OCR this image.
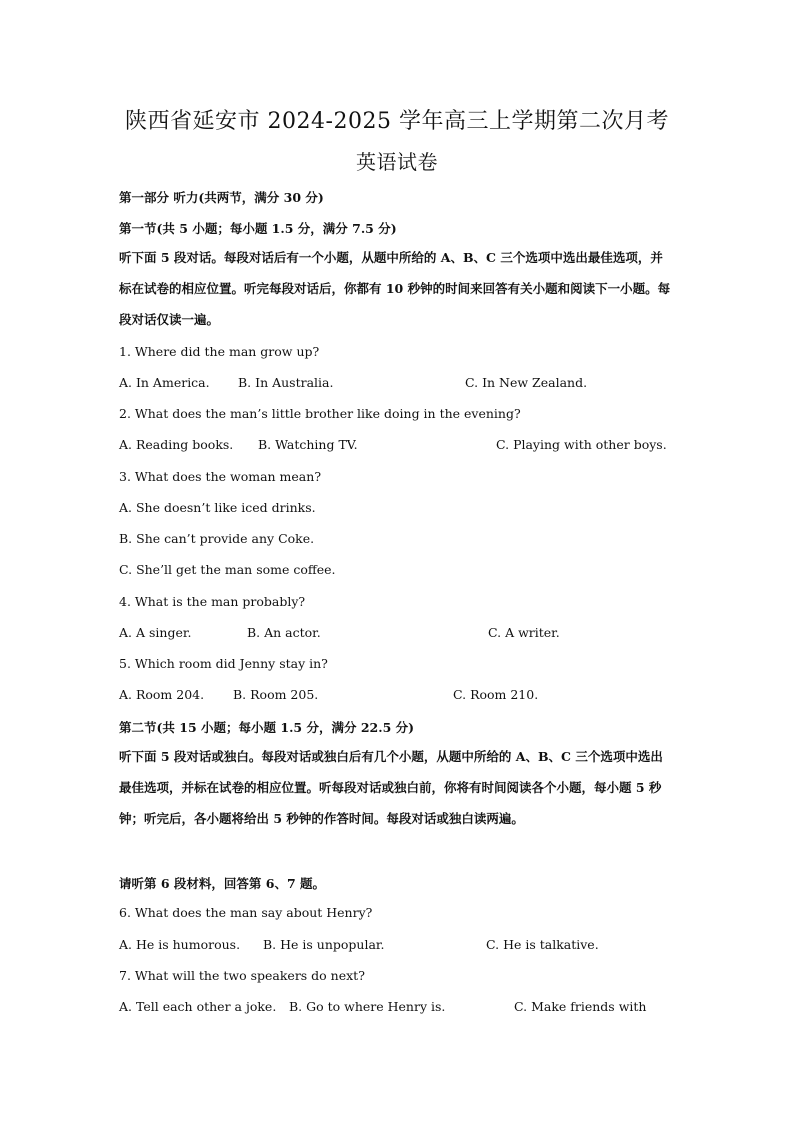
陕西省延安市 2024-2025 学年高三上学期第二次月考
英语试卷
第一部分 听力(共两节，满分 30 分)
第一节(共 5 小题；每小题 1.5 分，满分 7.5 分)
听下面 5 段对话。每段对话后有一个小题，从题中所给的 A、B、C 三个选项中选出最佳选项，并标在试卷的相应位置。听完每段对话后，你都有 10 秒钟的时间来回答有关小题和阅读下一小题。每段对话仅读一遍。
1. Where did the man grow up?
A. In America. B. In Australia.	C. In New Zealand.
2. What does the man’s little brother like doing in the evening?
A. Reading books. B. Watching TV.	C. Playing with other boys.
3. What does the woman mean?
A. She doesn’t like iced drinks.
B. She can’t provide any Coke.
C. She’ll get the man some coffee.
4. What is the man probably?
A. A singer.	B. An actor.	C. A writer.
5. Which room did Jenny stay in?
A. Room 204. B. Room 205.	C. Room 210.
第二节(共 15 小题；每小题 1.5 分，满分 22.5 分)
听下面 5 段对话或独白。每段对话或独白后有几个小题，从题中所给的 A、B、C 三个选项中选出最佳选项，并标在试卷的相应位置。听每段对话或独白前，你将有时间阅读各个小题，每小题 5 秒钟；听完后，各小题将给出 5 秒钟的作答时间。每段对话或独白读两遍。
请听第 6 段材料，回答第 6、7 题。
6. What does the man say about Henry?
A. He is humorous. B. He is unpopular.	C. He is talkative.
7. What will the two speakers do next?
A. Tell each other a joke. B. Go to where Henry is.	C. Make friends with
